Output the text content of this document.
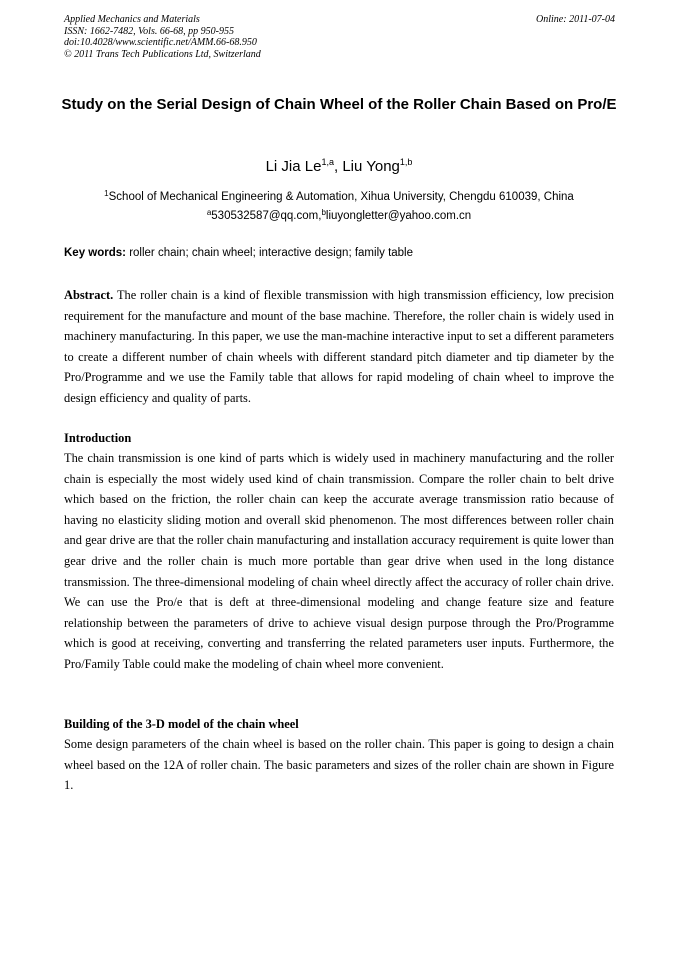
Applied Mechanics and Materials
ISSN: 1662-7482, Vols. 66-68, pp 950-955
doi:10.4028/www.scientific.net/AMM.66-68.950
© 2011 Trans Tech Publications Ltd, Switzerland
Online: 2011-07-04
Study on the Serial Design of Chain Wheel of the Roller Chain Based on Pro/E
Li Jia Le$^{1,a}$, Liu Yong$^{1,b}$
$^1$School of Mechanical Engineering & Automation, Xihua University, Chengdu 610039, China
$^a$530532587@qq.com,$^b$liuyongletter@yahoo.com.cn
Key words: roller chain; chain wheel; interactive design; family table
Abstract. The roller chain is a kind of flexible transmission with high transmission efficiency, low precision requirement for the manufacture and mount of the base machine. Therefore, the roller chain is widely used in machinery manufacturing. In this paper, we use the man-machine interactive input to set a different parameters to create a different number of chain wheels with different standard pitch diameter and tip diameter by the Pro/Programme and we use the Family table that allows for rapid modeling of chain wheel to improve the design efficiency and quality of parts.
Introduction
The chain transmission is one kind of parts which is widely used in machinery manufacturing and the roller chain is especially the most widely used kind of chain transmission. Compare the roller chain to belt drive which based on the friction, the roller chain can keep the accurate average transmission ratio because of having no elasticity sliding motion and overall skid phenomenon. The most differences between roller chain and gear drive are that the roller chain manufacturing and installation accuracy requirement is quite lower than gear drive and the roller chain is much more portable than gear drive when used in the long distance transmission. The three-dimensional modeling of chain wheel directly affect the accuracy of roller chain drive. We can use the Pro/e that is deft at three-dimensional modeling and change feature size and feature relationship between the parameters of drive to achieve visual design purpose through the Pro/Programme which is good at receiving, converting and transferring the related parameters user inputs. Furthermore, the Pro/Family Table could make the modeling of chain wheel more convenient.
Building of the 3-D model of the chain wheel
Some design parameters of the chain wheel is based on the roller chain. This paper is going to design a chain wheel based on the 12A of roller chain. The basic parameters and sizes of the roller chain are shown in Figure 1.
